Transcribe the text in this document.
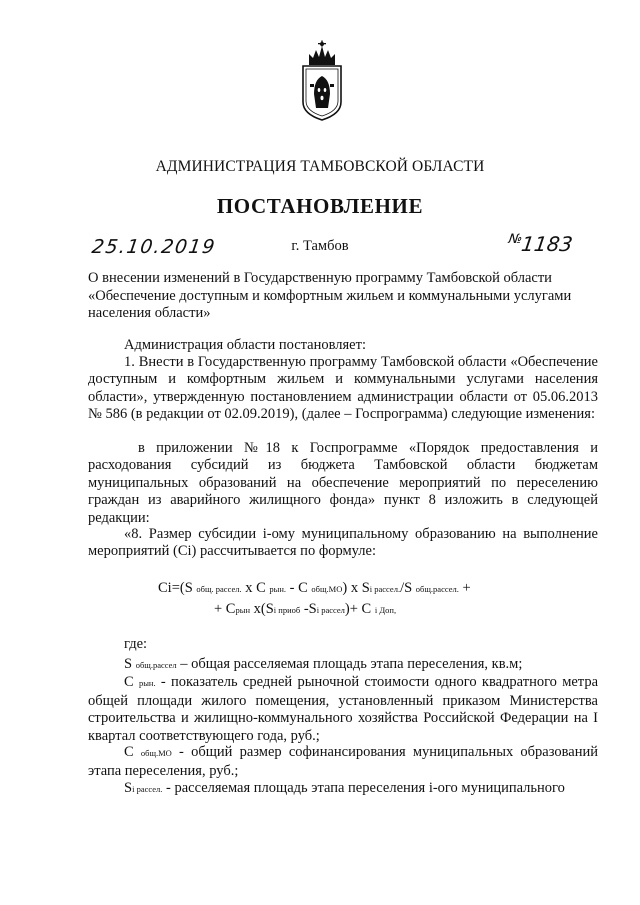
АДМИНИСТРАЦИЯ ТАМБОВСКОЙ ОБЛАСТИ
ПОСТАНОВЛЕНИЕ
25.10.2019	г. Тамбов	№1183
О внесении изменений в Государственную программу Тамбовской области «Обеспечение доступным и комфортным жильем и коммунальными услугами населения области»
Администрация области постановляет:
1. Внести в Государственную программу Тамбовской области «Обеспечение доступным и комфортным жильем и коммунальными услугами населения области», утвержденную постановлением администрации области от 05.06.2013 № 586 (в редакции от 02.09.2019), (далее – Госпрограмма) следующие изменения:
в приложении №18 к Госпрограмме «Порядок предоставления и расходования субсидий из бюджета Тамбовской области бюджетам муниципальных образований на обеспечение мероприятий по переселению граждан из аварийного жилищного фонда» пункт 8 изложить в следующей редакции:
«8. Размер субсидии i-ому муниципальному образованию на выполнение мероприятий (Ci) рассчитывается по формуле:
Ci=(S общ. рассел. x С рын. - С общ.МО) x Si рассел./S общ.рассел. +
+ Срын x(Si приоб -Si рассел)+ С i Доп,
где:
S общ.рассел – общая расселяемая площадь этапа переселения, кв.м;
С рын. - показатель средней рыночной стоимости одного квадратного метра общей площади жилого помещения, установленный приказом Министерства строительства и жилищно-коммунального хозяйства Российской Федерации на I квартал соответствующего года, руб.;
С общ.МО - общий размер софинансирования муниципальных образований этапа переселения, руб.;
Si рассел. - расселяемая площадь этапа переселения i-ого муниципального
